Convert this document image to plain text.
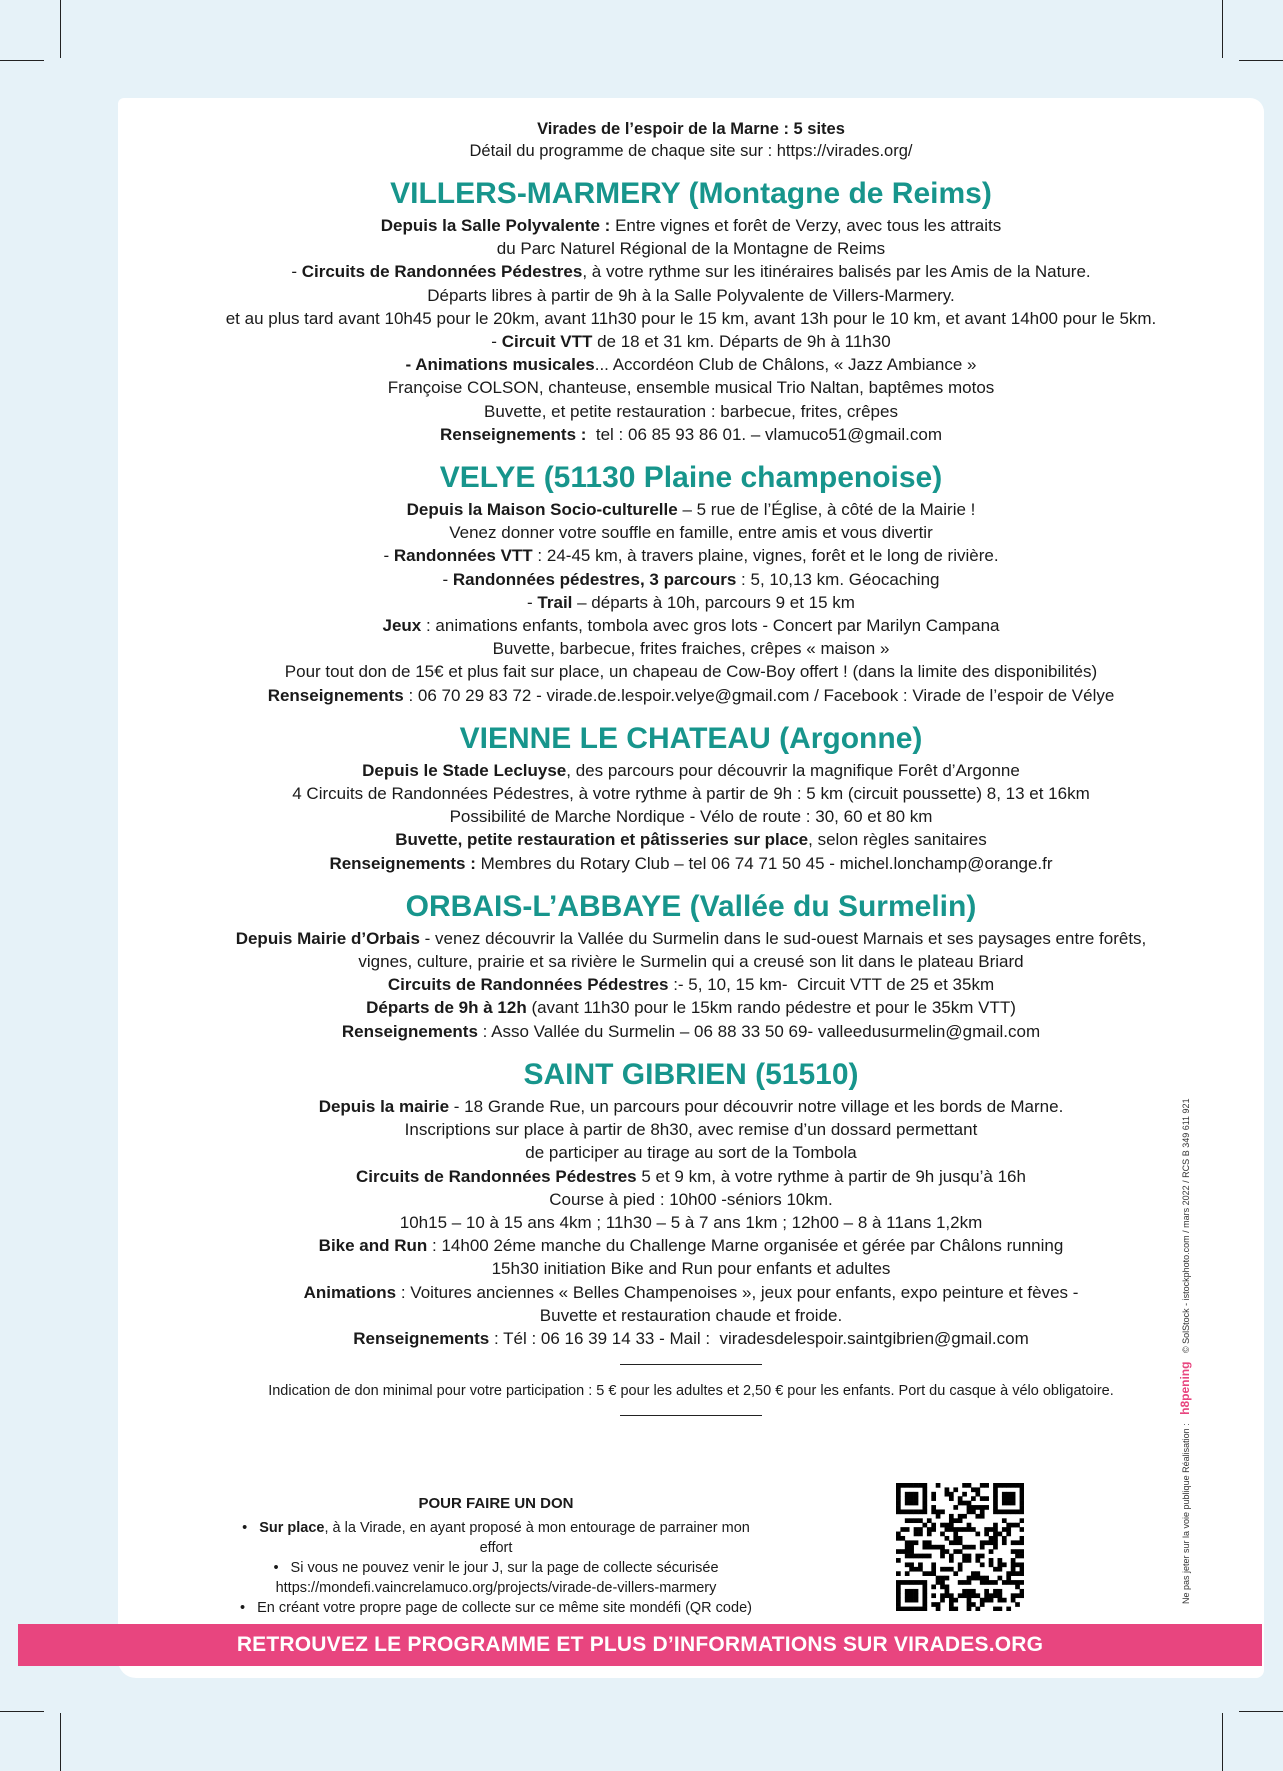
Virades de l’espoir de la Marne : 5 sites
Détail du programme de chaque site sur : https://virades.org/
VILLERS-MARMERY (Montagne de Reims)
Depuis la Salle Polyvalente : Entre vignes et forêt de Verzy, avec tous les attraits
du Parc Naturel Régional de la Montagne de Reims
- Circuits de Randonnées Pédestres, à votre rythme sur les itinéraires balisés par les Amis de la Nature.
Départs libres à partir de 9h à la Salle Polyvalente de Villers-Marmery.
et au plus tard avant 10h45 pour le 20km, avant 11h30 pour le 15 km, avant 13h pour le 10 km, et avant 14h00 pour le 5km.
- Circuit VTT de 18 et 31 km. Départs de 9h à 11h30
- Animations musicales... Accordéon Club de Châlons, « Jazz Ambiance »
Françoise COLSON, chanteuse, ensemble musical Trio Naltan, baptêmes motos
Buvette, et petite restauration : barbecue, frites, crêpes
Renseignements :  tel : 06 85 93 86 01. – vlamuco51@gmail.com
VELYE (51130 Plaine champenoise)
Depuis la Maison Socio-culturelle – 5 rue de l’Église, à côté de la Mairie !
Venez donner votre souffle en famille, entre amis et vous divertir
- Randonnées VTT : 24-45 km, à travers plaine, vignes, forêt et le long de rivière.
- Randonnées pédestres, 3 parcours : 5, 10,13 km. Géocaching
- Trail – départs à 10h, parcours 9 et 15 km
Jeux : animations enfants, tombola avec gros lots - Concert par Marilyn Campana
Buvette, barbecue, frites fraiches, crêpes « maison »
Pour tout don de 15€ et plus fait sur place, un chapeau de Cow-Boy offert ! (dans la limite des disponibilités)
Renseignements : 06 70 29 83 72 - virade.de.lespoir.velye@gmail.com / Facebook : Virade de l’espoir de Vélye
VIENNE LE CHATEAU (Argonne)
Depuis le Stade Lecluyse, des parcours pour découvrir la magnifique Forêt d’Argonne
4 Circuits de Randonnées Pédestres, à votre rythme à partir de 9h : 5 km (circuit poussette) 8, 13 et 16km
Possibilité de Marche Nordique - Vélo de route : 30, 60 et 80 km
Buvette, petite restauration et pâtisseries sur place, selon règles sanitaires
Renseignements : Membres du Rotary Club – tel 06 74 71 50 45 - michel.lonchamp@orange.fr
ORBAIS-L’ABBAYE (Vallée du Surmelin)
Depuis Mairie d’Orbais - venez découvrir la Vallée du Surmelin dans le sud-ouest Marnais et ses paysages entre forêts,
vignes, culture, prairie et sa rivière le Surmelin qui a creusé son lit dans le plateau Briard
Circuits de Randonnées Pédestres :- 5, 10, 15 km-  Circuit VTT de 25 et 35km
Départs de 9h à 12h (avant 11h30 pour le 15km rando pédestre et pour le 35km VTT)
Renseignements : Asso Vallée du Surmelin – 06 88 33 50 69- valleedusurmelin@gmail.com
SAINT GIBRIEN (51510)
Depuis la mairie - 18 Grande Rue, un parcours pour découvrir notre village et les bords de Marne.
Inscriptions sur place à partir de 8h30, avec remise d’un dossard permettant
de participer au tirage au sort de la Tombola
Circuits de Randonnées Pédestres 5 et 9 km, à votre rythme à partir de 9h jusqu’à 16h
Course à pied : 10h00 -séniors 10km.
10h15 – 10 à 15 ans 4km ; 11h30 – 5 à 7 ans 1km ; 12h00 – 8 à 11ans 1,2km
Bike and Run : 14h00 2éme manche du Challenge Marne organisée et gérée par Châlons running
15h30 initiation Bike and Run pour enfants et adultes
Animations : Voitures anciennes « Belles Champenoises », jeux pour enfants, expo peinture et fèves -
Buvette et restauration chaude et froide.
Renseignements : Tél : 06 16 39 14 33 - Mail :  viradesdelespoir.saintgibrien@gmail.com
Indication de don minimal pour votre participation : 5 € pour les adultes et 2,50 € pour les enfants. Port du casque à vélo obligatoire.
POUR FAIRE UN DON
• Sur place, à la Virade, en ayant proposé à mon entourage de parrainer mon effort
• Si vous ne pouvez venir le jour J, sur la page de collecte sécurisée
https://mondefi.vaincrelamuco.org/projects/virade-de-villers-marmery
• En créant votre propre page de collecte sur ce même site mondéfi (QR code)
RETROUVEZ LE PROGRAMME ET PLUS D’INFORMATIONS SUR VIRADES.ORG
Ne pas jeter sur la voie publique Réalisation : h8pening © SolStock - istockphoto.com / mars 2022 / RCS B 349 611 921
